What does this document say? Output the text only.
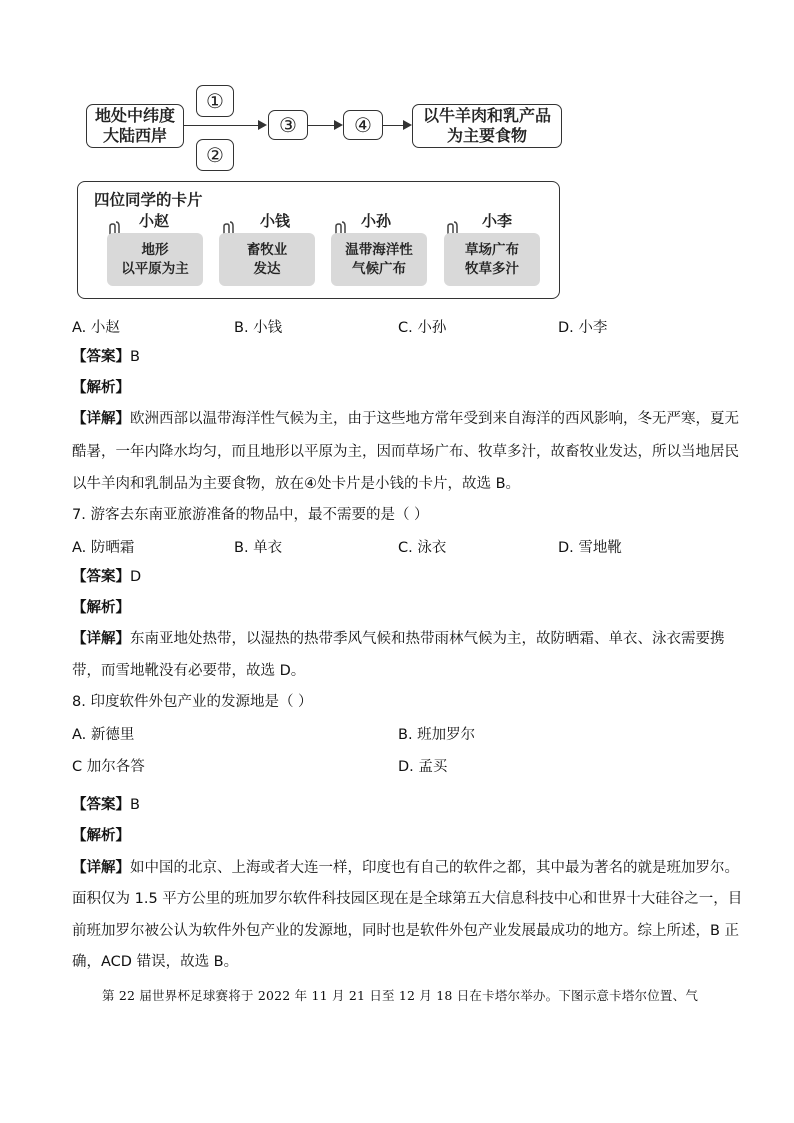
地处中纬度
大陆西岸
①
②
③	④	以牛羊肉和乳产品
为主要食物
四位同学的卡片
小赵
地形
以平原为主
小钱
畜牧业
发达
小孙
温带海洋性
气候广布
小李
草场广布
牧草多汁
A. 小赵	B. 小钱	C. 小孙	D. 小李
【答案】B
【解析】
【详解】欧洲西部以温带海洋性气候为主，由于这些地方常年受到来自海洋的西风影响，冬无严寒，夏无
酷暑，一年内降水均匀，而且地形以平原为主，因而草场广布、牧草多汁，故畜牧业发达，所以当地居民
以牛羊肉和乳制品为主要食物，放在④处卡片是小钱的卡片，故选 B。
7. 游客去东南亚旅游准备的物品中，最不需要的是（ ）
A. 防晒霜	B. 单衣	C. 泳衣	D. 雪地靴
【答案】D
【解析】
【详解】东南亚地处热带，以湿热的热带季风气候和热带雨林气候为主，故防晒霜、单衣、泳衣需要携
带，而雪地靴没有必要带，故选 D。
8. 印度软件外包产业的发源地是（ ）
A. 新德里	B. 班加罗尔
C 加尔各答	D. 孟买
【答案】B
【解析】
【详解】如中国的北京、上海或者大连一样，印度也有自己的软件之都，其中最为著名的就是班加罗尔。
面积仅为 1.5 平方公里的班加罗尔软件科技园区现在是全球第五大信息科技中心和世界十大硅谷之一，目
前班加罗尔被公认为软件外包产业的发源地，同时也是软件外包产业发展最成功的地方。综上所述，B 正
确，ACD 错误，故选 B。
第 22 届世界杯足球赛将于 2022 年 11 月 21 日至 12 月 18 日在卡塔尔举办。下图示意卡塔尔位置、气
